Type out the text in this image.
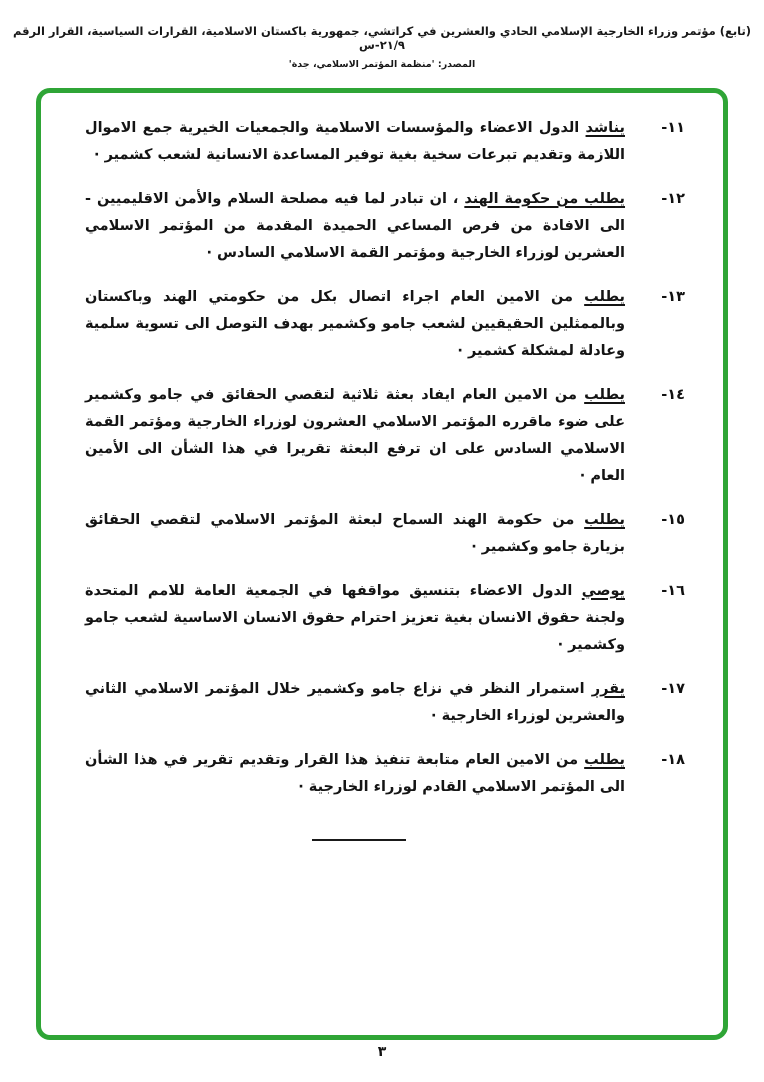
(تابع) مؤتمر وزراء الخارجية الإسلامي الحادي والعشرين في كراتشي، جمهورية باكستان الاسلامية، القرارات السياسية، القرار الرقم ٢١/٩-س
المصدر: 'منظمة المؤتمر الاسلامي، جدة'
١١-

يناشد الدول الاعضاء والمؤسسات الاسلامية والجمعيات الخيرية جمع الاموال اللازمة وتقديم تبرعات سخية بغية توفير المساعدة الانسانية لشعب كشمير ·

١٢-

يطلب من حكومة الهند ، ان تبادر لما فيه مصلحة السلام والأمن الاقليميين - الى الافادة من فرص المساعي الحميدة المقدمة من المؤتمر الاسلامي العشرين لوزراء الخارجية ومؤتمر القمة الاسلامي السادس ·

١٣-

يطلب من الامين العام اجراء اتصال بكل من حكومتي الهند وباكستان وبالممثلين الحقيقيين لشعب جامو وكشمير بهدف التوصل الى تسوية سلمية وعادلة لمشكلة كشمير ·

١٤-

يطلب من الامين العام ايفاد بعثة ثلاثية لتقصي الحقائق في جامو وكشمير على ضوء ماقرره المؤتمر الاسلامي العشرون لوزراء الخارجية ومؤتمر القمة الاسلامي السادس على ان ترفع البعثة تقريرا في هذا الشأن الى الأمين العام ·

١٥-

يطلب من حكومة الهند السماح لبعثة المؤتمر الاسلامي لتقصي الحقائق بزيارة جامو وكشمير ·

١٦-

يوصي الدول الاعضاء بتنسيق مواقفها في الجمعية العامة للامم المتحدة ولجنة حقوق الانسان بغية تعزيز احترام حقوق الانسان الاساسية لشعب جامو وكشمير ·

١٧-

يقرر استمرار النظر في نزاع جامو وكشمير خلال المؤتمر الاسلامي الثاني والعشرين لوزراء الخارجية ·

١٨-

يطلب من الامين العام متابعة تنفيذ هذا القرار وتقديم تقرير في هذا الشأن الى المؤتمر الاسلامي القادم لوزراء الخارجية ·

٣
